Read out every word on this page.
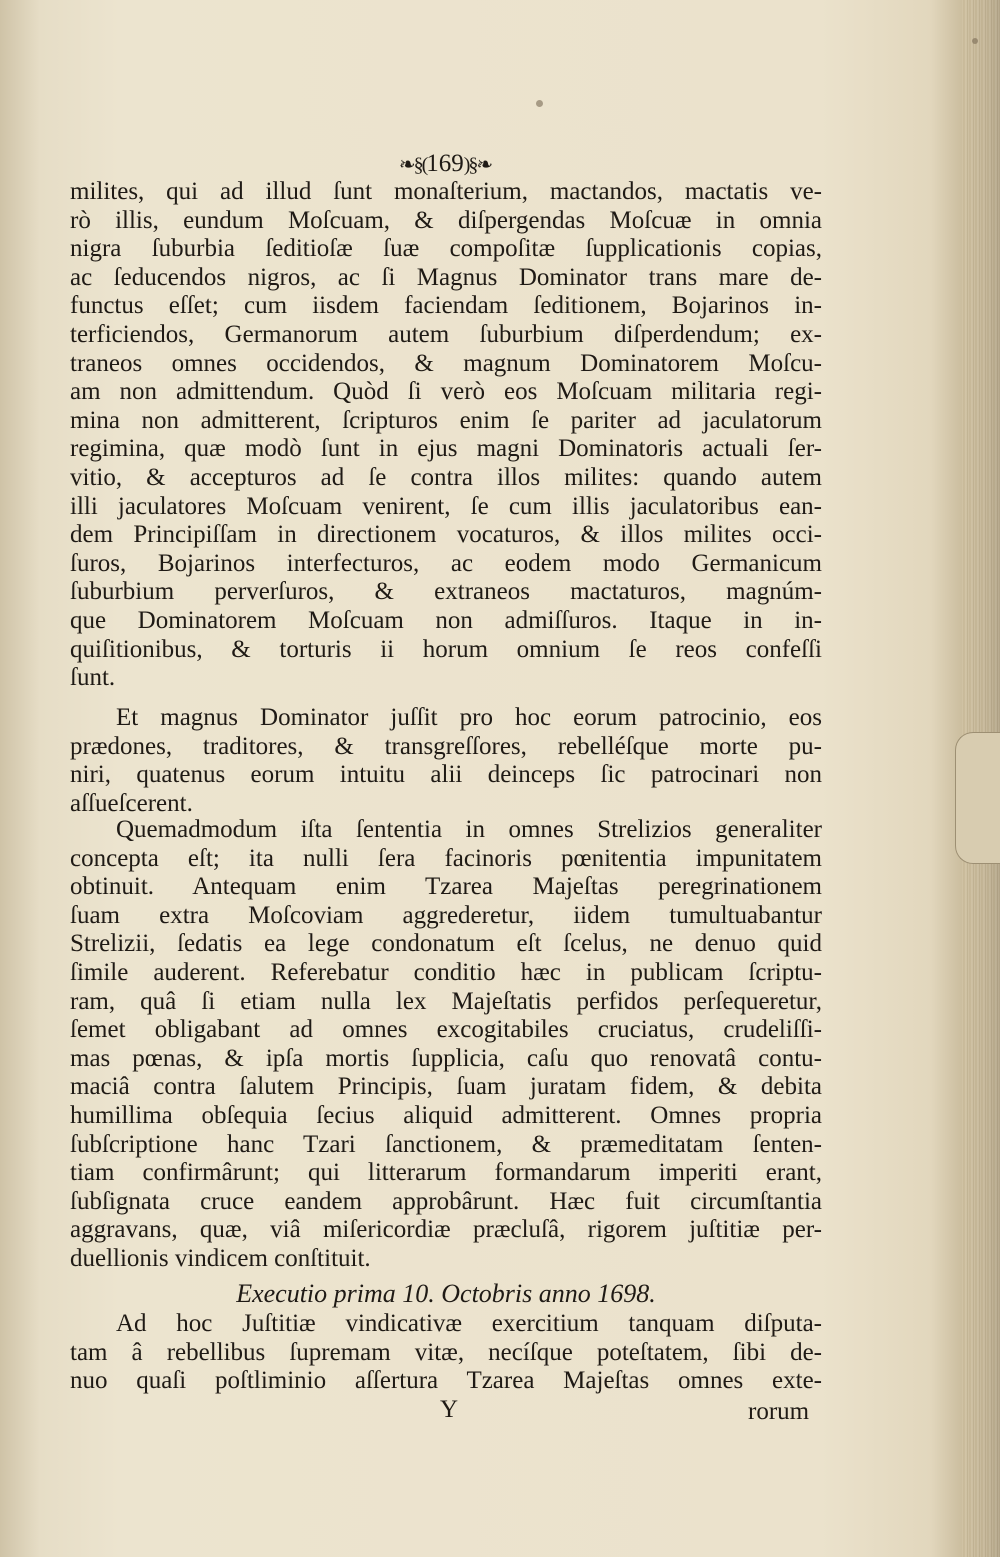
❧§(169)§❧
milites, qui ad illud ſunt monaſterium, mactandos, mactatis ve-
rò illis, eundum Moſcuam, & diſpergendas Moſcuæ in omnia
nigra ſuburbia ſeditioſæ ſuæ compoſitæ ſupplicationis copias,
ac ſeducendos nigros, ac ſi Magnus Dominator trans mare de-
functus eſſet; cum iisdem faciendam ſeditionem, Bojarinos in-
terficiendos, Germanorum autem ſuburbium diſperdendum; ex-
traneos omnes occidendos, & magnum Dominatorem Moſcu-
am non admittendum. Quòd ſi verò eos Moſcuam militaria regi-
mina non admitterent, ſcripturos enim ſe pariter ad jaculatorum
regimina, quæ modò ſunt in ejus magni Dominatoris actuali ſer-
vitio, & accepturos ad ſe contra illos milites: quando autem
illi jaculatores Moſcuam venirent, ſe cum illis jaculatoribus ean-
dem Principiſſam in directionem vocaturos, & illos milites occi-
ſuros, Bojarinos interfecturos, ac eodem modo Germanicum
ſuburbium perverſuros, & extraneos mactaturos, magnúm-
que Dominatorem Moſcuam non admiſſuros. Itaque in in-
quiſitionibus, & torturis ii horum omnium ſe reos confeſſi
ſunt.
Et magnus Dominator juſſit pro hoc eorum patrocinio, eos
prædones, traditores, & transgreſſores, rebelléſque morte pu-
niri, quatenus eorum intuitu alii deinceps ſic patrocinari non
aſſueſcerent.
Quemadmodum iſta ſententia in omnes Strelizios generaliter
concepta eſt; ita nulli ſera facinoris pœnitentia impunitatem
obtinuit. Antequam enim Tzarea Majeſtas peregrinationem
ſuam extra Moſcoviam aggrederetur, iidem tumultuabantur
Strelizii, ſedatis ea lege condonatum eſt ſcelus, ne denuo quid
ſimile auderent. Referebatur conditio hæc in publicam ſcriptu-
ram, quâ ſi etiam nulla lex Majeſtatis perfidos perſequeretur,
ſemet obligabant ad omnes excogitabiles cruciatus, crudeliſſi-
mas pœnas, & ipſa mortis ſupplicia, caſu quo renovatâ contu-
maciâ contra ſalutem Principis, ſuam juratam fidem, & debita
humillima obſequia ſecius aliquid admitterent. Omnes propria
ſubſcriptione hanc Tzari ſanctionem, & præmeditatam ſenten-
tiam confirmârunt; qui litterarum formandarum imperiti erant,
ſubſignata cruce eandem approbârunt. Hæc fuit circumſtantia
aggravans, quæ, viâ miſericordiæ præcluſâ, rigorem juſtitiæ per-
duellionis vindicem conſtituit.
Executio prima 10. Octobris anno 1698.
Ad hoc Juſtitiæ vindicativæ exercitium tanquam diſputa-
tam â rebellibus ſupremam vitæ, necíſque poteſtatem, ſibi de-
nuo quaſi poſtliminio aſſertura Tzarea Majeſtas omnes exte-
Y	rorum
